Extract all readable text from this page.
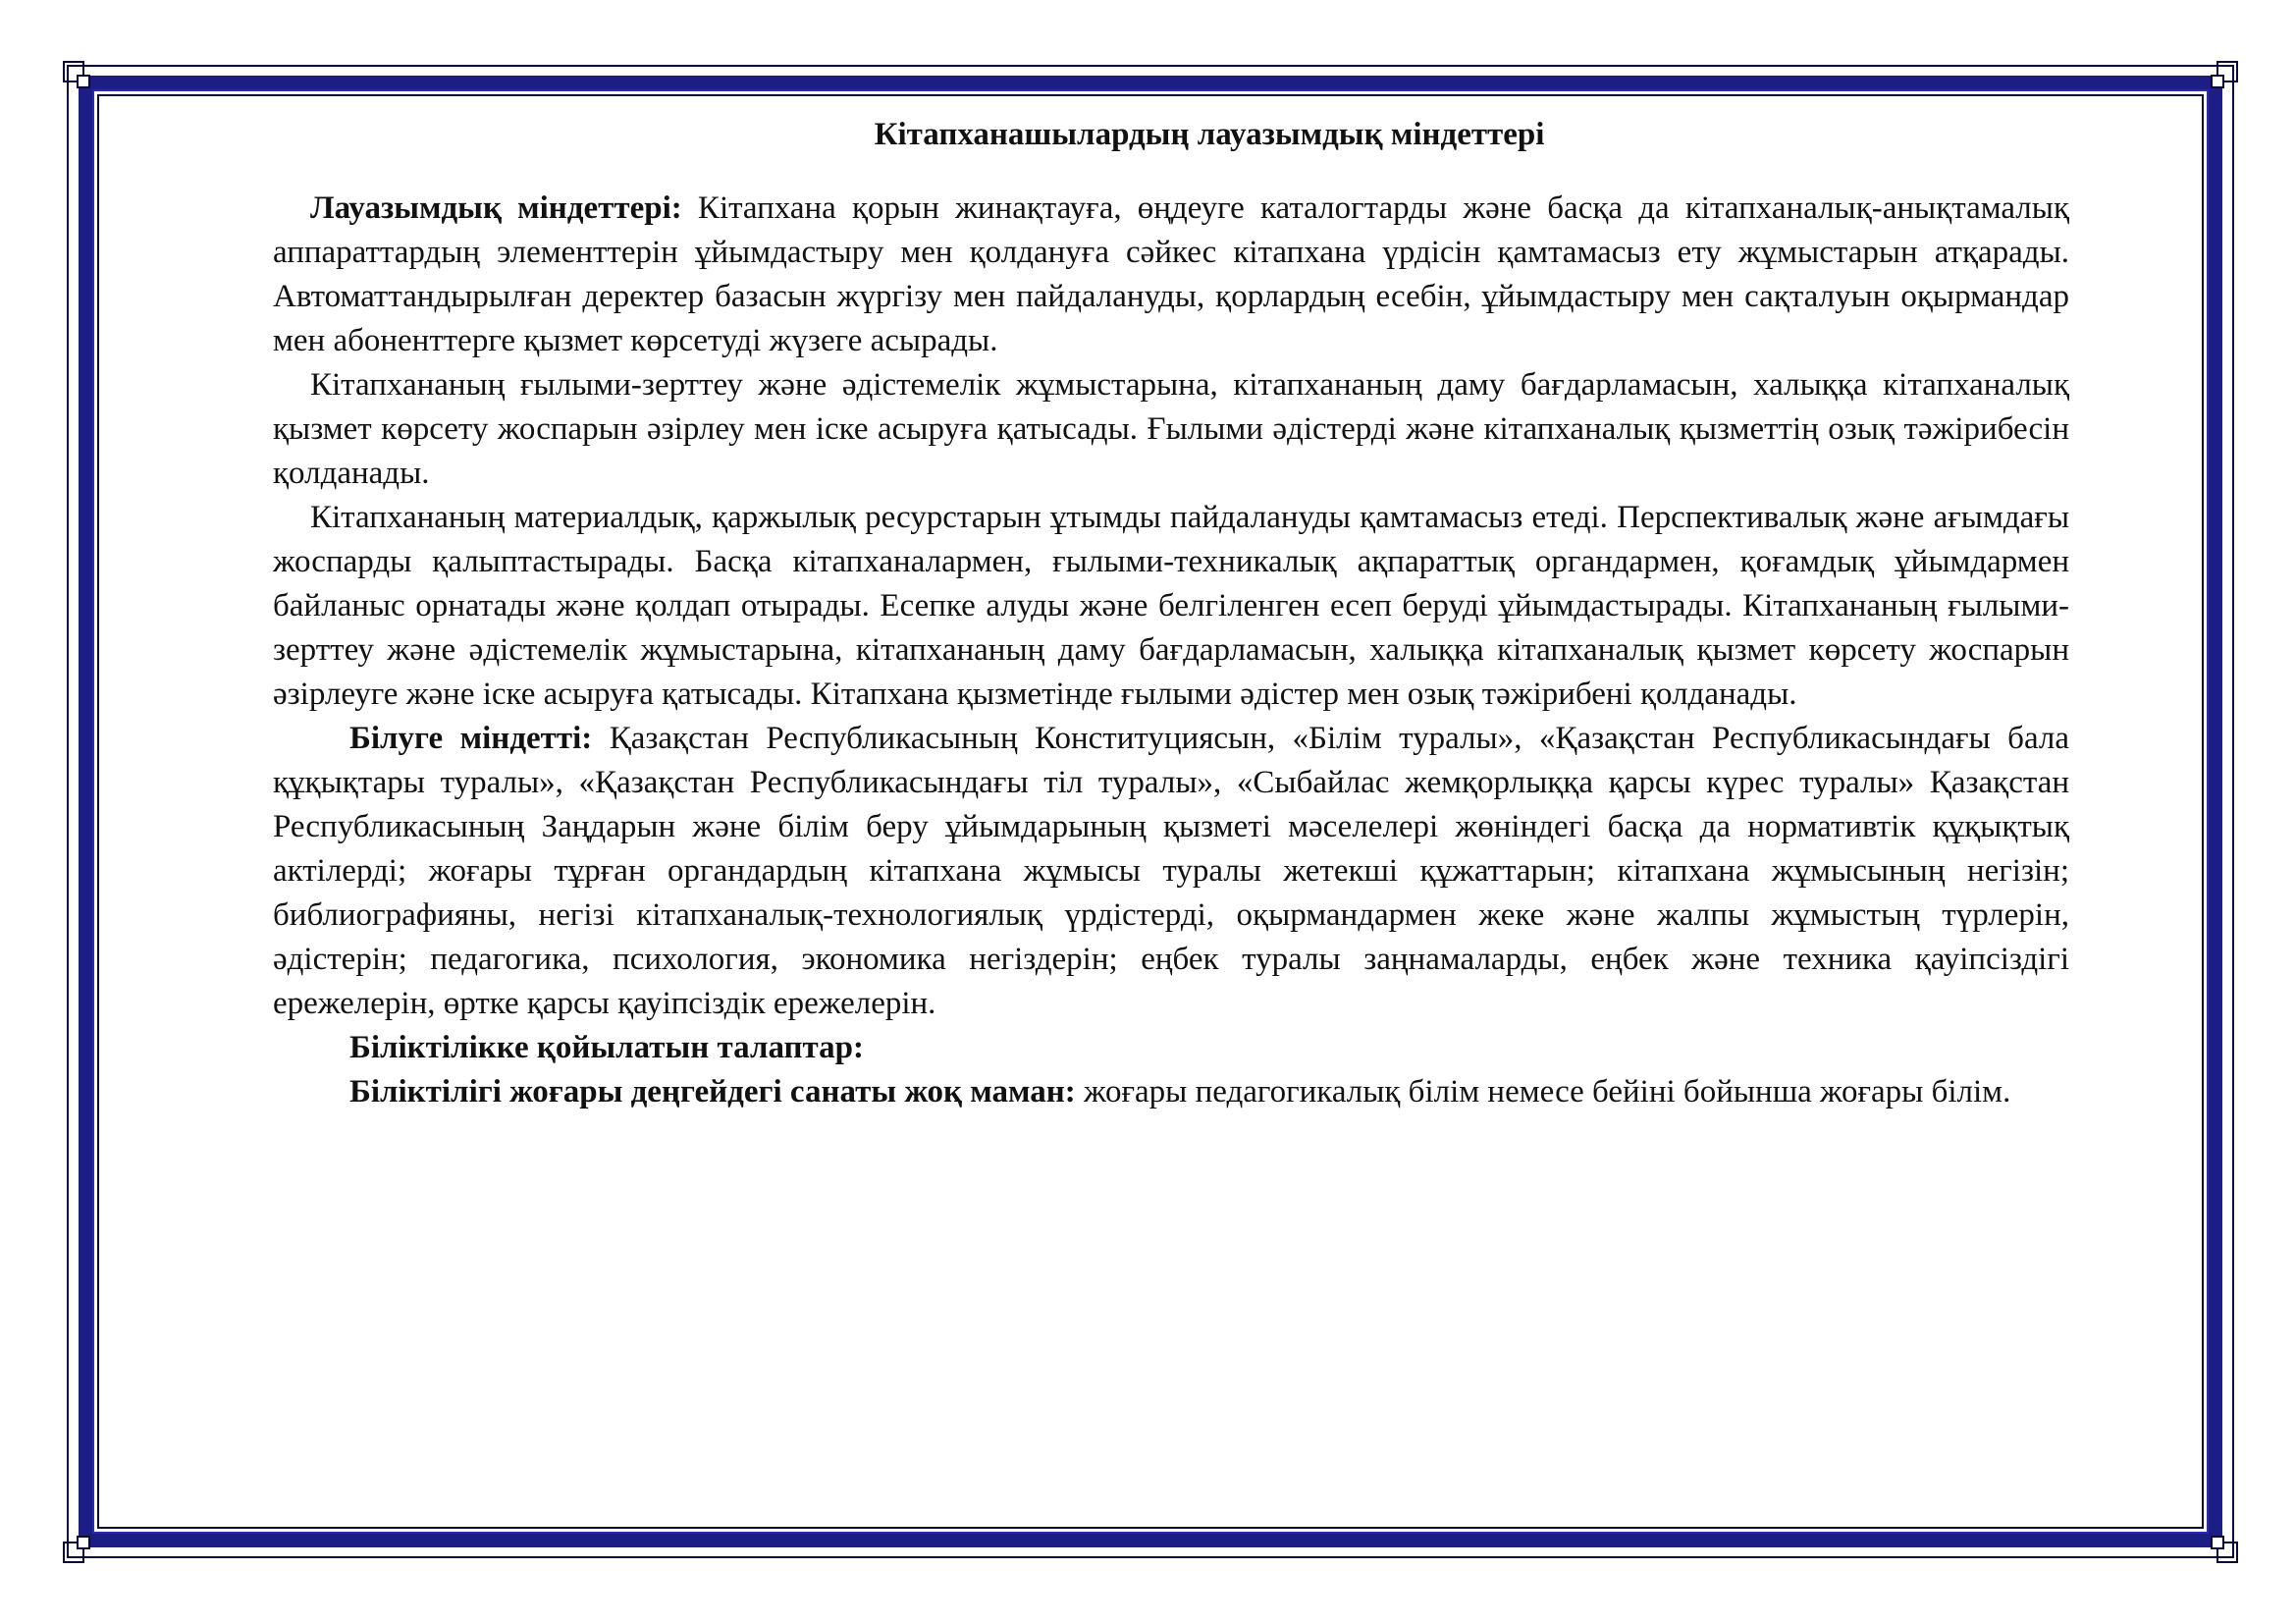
Кітапханашылардың лауазымдық міндеттері

Лауазымдық міндеттері: Кітапхана қорын жинақтауға, өңдеуге каталогтарды және басқа да кітапханалық-анықтамалық аппараттардың элементтерін ұйымдастыру мен қолдануға сәйкес кітапхана үрдісін қамтамасыз ету жұмыстарын атқарады. Автоматтандырылған деректер базасын жүргізу мен пайдалануды, қорлардың есебін, ұйымдастыру мен сақталуын оқырмандар мен абоненттерге қызмет көрсетуді жүзеге асырады.

Кітапхананың ғылыми-зерттеу және әдістемелік жұмыстарына, кітапхананың даму бағдарламасын, халыққа кітапханалық қызмет көрсету жоспарын әзірлеу мен іске асыруға қатысады. Ғылыми әдістерді және кітапханалық қызметтің озық тәжірибесін қолданады.

Кітапхананың материалдық, қаржылық ресурстарын ұтымды пайдалануды қамтамасыз етеді. Перспективалық және ағымдағы жоспарды қалыптастырады. Басқа кітапханалармен, ғылыми-техникалық ақпараттық органдармен, қоғамдық ұйымдармен байланыс орнатады және қолдап отырады. Есепке алуды және белгіленген есеп беруді ұйымдастырады. Кітапхананың ғылыми-зерттеу және әдістемелік жұмыстарына, кітапхананың даму бағдарламасын, халыққа кітапханалық қызмет көрсету жоспарын әзірлеуге және іске асыруға қатысады. Кітапхана қызметінде ғылыми әдістер мен озық тәжірибені қолданады.

Білуге міндетті: Қазақстан Республикасының Конституциясын, «Білім туралы», «Қазақстан Республикасындағы бала құқықтары туралы», «Қазақстан Республикасындағы тіл туралы», «Сыбайлас жемқорлыққа қарсы күрес туралы» Қазақстан Республикасының Заңдарын және білім беру ұйымдарының қызметі мәселелері жөніндегі басқа да нормативтік құқықтық актілерді; жоғары тұрған органдардың кітапхана жұмысы туралы жетекші құжаттарын; кітапхана жұмысының негізін; библиографияны, негізі кітапханалық-технологиялық үрдістерді, оқырмандармен жеке және жалпы жұмыстың түрлерін, әдістерін; педагогика, психология, экономика негіздерін; еңбек туралы заңнамаларды, еңбек және техника қауіпсіздігі ережелерін, өртке қарсы қауіпсіздік ережелерін.

Біліктілікке қойылатын талаптар:

Біліктілігі жоғары деңгейдегі санаты жоқ маман: жоғары педагогикалық білім немесе бейіні бойынша жоғары білім.
